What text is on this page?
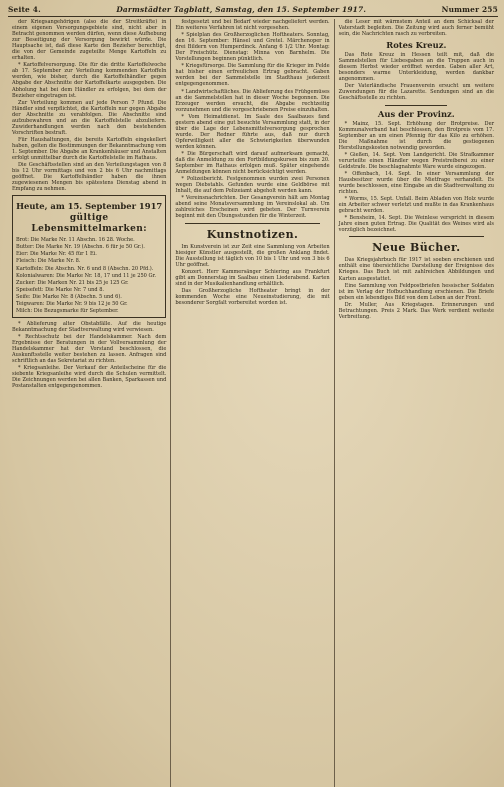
Seite 4.	Darmstädter Tagblatt, Samstag, den 15. September 1917.	Nummer 255

der Kriegsangehörigen (also die der Streitkräfte) in einem eigenen Versorgungsgebiete sind, nicht aber in Betracht genommen werden dürfen, wenn diese Aufhebung zur Beseitigung der Versorgung bewirkt würde. Die Hauptsache ist, daß diese Karte den Bezieher berechtigt, die von der Gemeinde zugeteilte Menge Kartoffeln zu erhalten.

* Kartoffelversorgung. Die für die dritte Kartoffelwoche ab 17. September zur Verteilung kommenden Kartoffeln werden, wie bisher, durch die Kartoffelhändler gegen Abgabe der Abschnitte der Kartoffelkarte ausgegeben. Die Abholung hat bei dem Händler zu erfolgen, bei dem der Bezieher eingetragen ist.

Zur Verteilung kommen auf jede Person 7 Pfund. Die Händler sind verpflichtet, die Kartoffeln nur gegen Abgabe der Abschnitte zu verabfolgen. Die Abschnitte sind aufzubewahren und an die Kartoffelstelle abzuliefern. Zuwiderhandlungen werden nach den bestehenden Vorschriften bestraft.

Für Haushaltungen, die bereits Kartoffeln eingekellert haben, gelten die Bestimmungen der Bekanntmachung vom 1. September. Die Abgabe an Krankenhäuser und Anstalten erfolgt unmittelbar durch die Kartoffelstelle im Rathaus.

Die Geschäftsstellen sind an den Verteilungstagen von 8 bis 12 Uhr vormittags und von 2 bis 6 Uhr nachmittags geöffnet. Die Kartoffelhändler haben die ihnen zugewiesenen Mengen bis spätestens Dienstag abend in Empfang zu nehmen.

Heute, am 15. September 1917
gültige Lebensmittelmarken:
Brot: Die Marke Nr. 11 Abschn. 16 28. Woche.
Butter: Die Marke Nr. 19 (Abschn. 6 für je 50 Gr.).
Eier: Die Marke Nr. 45 für 1 Ei.
Fleisch: Die Marke Nr. 8.
Kartoffeln: Die Abschn. Nr. 6 und 8 (Abschn. 20 Pfd.).
Kolonialwaren: Die Marke Nr. 18, 17 und 11 je 250 Gr.
Zucker: Die Marken Nr. 21 bis 25 je 125 Gr.
Speisefett: Die Marke Nr. 7 und 8.
Seife: Die Marke Nr. 8 (Abschn. 5 und 6).
Teigwaren: Die Marke Nr. 9 bis 12 je 50 Gr.
Milch: Die Bezugsmarke für September.

* Ablieferung alter Obstabfälle. Auf die heutige Bekanntmachung der Stadtverwaltung wird verwiesen.

* Rechtsschutz bei der Handelskammer. Nach dem Ergebnisse der Beratungen in der Vollversammlung der Handelskammer hat der Vorstand beschlossen, die Auskunftsstelle weiter bestehen zu lassen. Anfragen sind schriftlich an das Sekretariat zu richten.

* Kriegsanleihe. Der Verkauf der Anteilscheine für die siebente Kriegsanleihe wird durch die Schulen vermittelt. Die Zeichnungen werden bei allen Banken, Sparkassen und Postanstalten entgegengenommen.

festgesetzt und bei Bedarf wieder nachgeliefert werden. Ein weiteres Verfahren ist nicht vorgesehen.

* Spielplan des Großherzoglichen Hoftheaters. Sonntag, den 16. September: Hänsel und Gretel. Märchenoper in drei Bildern von Humperdinck. Anfang 6 1/2 Uhr. Montag: Der Freischütz. Dienstag: Minna von Barnhelm. Die Vorstellungen beginnen pünktlich.

* Kriegsfürsorge. Die Sammlung für die Krieger im Felde hat bisher einen erfreulichen Ertrag gebracht. Gaben werden bei der Sammelstelle im Stadthaus jederzeit entgegengenommen.

* Landwirtschaftliches. Die Ablieferung des Frühgemüses an die Sammelstellen hat in dieser Woche begonnen. Die Erzeuger werden ersucht, die Abgabe rechtzeitig vorzunehmen und die vorgeschriebenen Preise einzuhalten.

* Vom Heimatdienst. Im Saale des Saalbaues fand gestern abend eine gut besuchte Versammlung statt, in der über die Lage der Lebensmittelversorgung gesprochen wurde. Der Redner führte aus, daß nur durch Opferwilligkeit aller die Schwierigkeiten überwunden werden können.

* Die Bürgerschaft wird darauf aufmerksam gemacht, daß die Anmeldung zu den Fortbildungskursen bis zum 20. September im Rathaus erfolgen muß. Später eingehende Anmeldungen können nicht berücksichtigt werden.

* Polizeibericht. Festgenommen wurden zwei Personen wegen Diebstahls. Gefunden wurde eine Geldbörse mit Inhalt, die auf dem Polizeiamt abgeholt werden kann.

* Vereinsnachrichten. Der Gesangverein hält am Montag abend seine Monatsversammlung im Vereinslokal ab. Um zahlreiches Erscheinen wird gebeten. Der Turnverein beginnt mit den Übungsstunden für die Winterzeit.

Kunstnotizen.

Im Kunstverein ist zur Zeit eine Sammlung von Arbeiten hiesiger Künstler ausgestellt, die großen Anklang findet. Die Ausstellung ist täglich von 10 bis 1 Uhr und von 3 bis 6 Uhr geöffnet.

Konzert. Herr Kammersänger Schiering aus Frankfurt gibt am Donnerstag im Saalbau einen Liederabend. Karten sind in der Musikalienhandlung erhältlich.

Das Großherzogliche Hoftheater bringt in der kommenden Woche eine Neueinstudierung, die mit besonderer Sorgfalt vorbereitet worden ist.

die Leser mit wärmstem Anteil an dem Schicksal der Vaterstadt begleiten. Die Zeitung wird auch ferner bemüht sein, die Nachrichten rasch zu verbreiten.

Rotes Kreuz.

Das Rote Kreuz in Hessen teilt mit, daß die Sammelstellen für Liebesgaben an die Truppen auch in diesem Herbst wieder eröffnet werden. Gaben aller Art, besonders warme Unterkleidung, werden dankbar angenommen.

Der Vaterländische Frauenverein ersucht um weitere Zuwendungen für die Lazarette. Sendungen sind an die Geschäftsstelle zu richten.

Aus der Provinz.

* Mainz, 15. Sept. Erhöhung der Brotpreise. Der Kommunalverband hat beschlossen, den Brotpreis vom 17. September an um einen Pfennig für das Kilo zu erhöhen. Die Maßnahme ist durch die gestiegenen Herstellungskosten notwendig geworden.

* Gießen, 14. Sept. Vom Landgericht. Die Strafkammer verurteilte einen Händler wegen Preistreiberei zu einer Geldstrafe. Die beschlagnahmte Ware wurde eingezogen.

* Offenbach, 14. Sept. In einer Versammlung der Hausbesitzer wurde über die Mietfrage verhandelt. Es wurde beschlossen, eine Eingabe an die Stadtverwaltung zu richten.

* Worms, 15. Sept. Unfall. Beim Abladen von Holz wurde ein Arbeiter schwer verletzt und mußte in das Krankenhaus gebracht werden.

* Bensheim, 14. Sept. Die Weinlese verspricht in diesem Jahre einen guten Ertrag. Die Qualität des Weines wird als vorzüglich bezeichnet.

Neue Bücher.

Das Kriegsjahrbuch für 1917 ist soeben erschienen und enthält eine übersichtliche Darstellung der Ereignisse des Krieges. Das Buch ist mit zahlreichen Abbildungen und Karten ausgestattet.

Eine Sammlung von Feldpostbriefen hessischer Soldaten ist im Verlag der Hofbuchhandlung erschienen. Die Briefe geben ein lebendiges Bild von dem Leben an der Front.

Dr. Muller, Aus Kriegstagen. Erinnerungen und Betrachtungen. Preis 2 Mark. Das Werk verdient weiteste Verbreitung.
